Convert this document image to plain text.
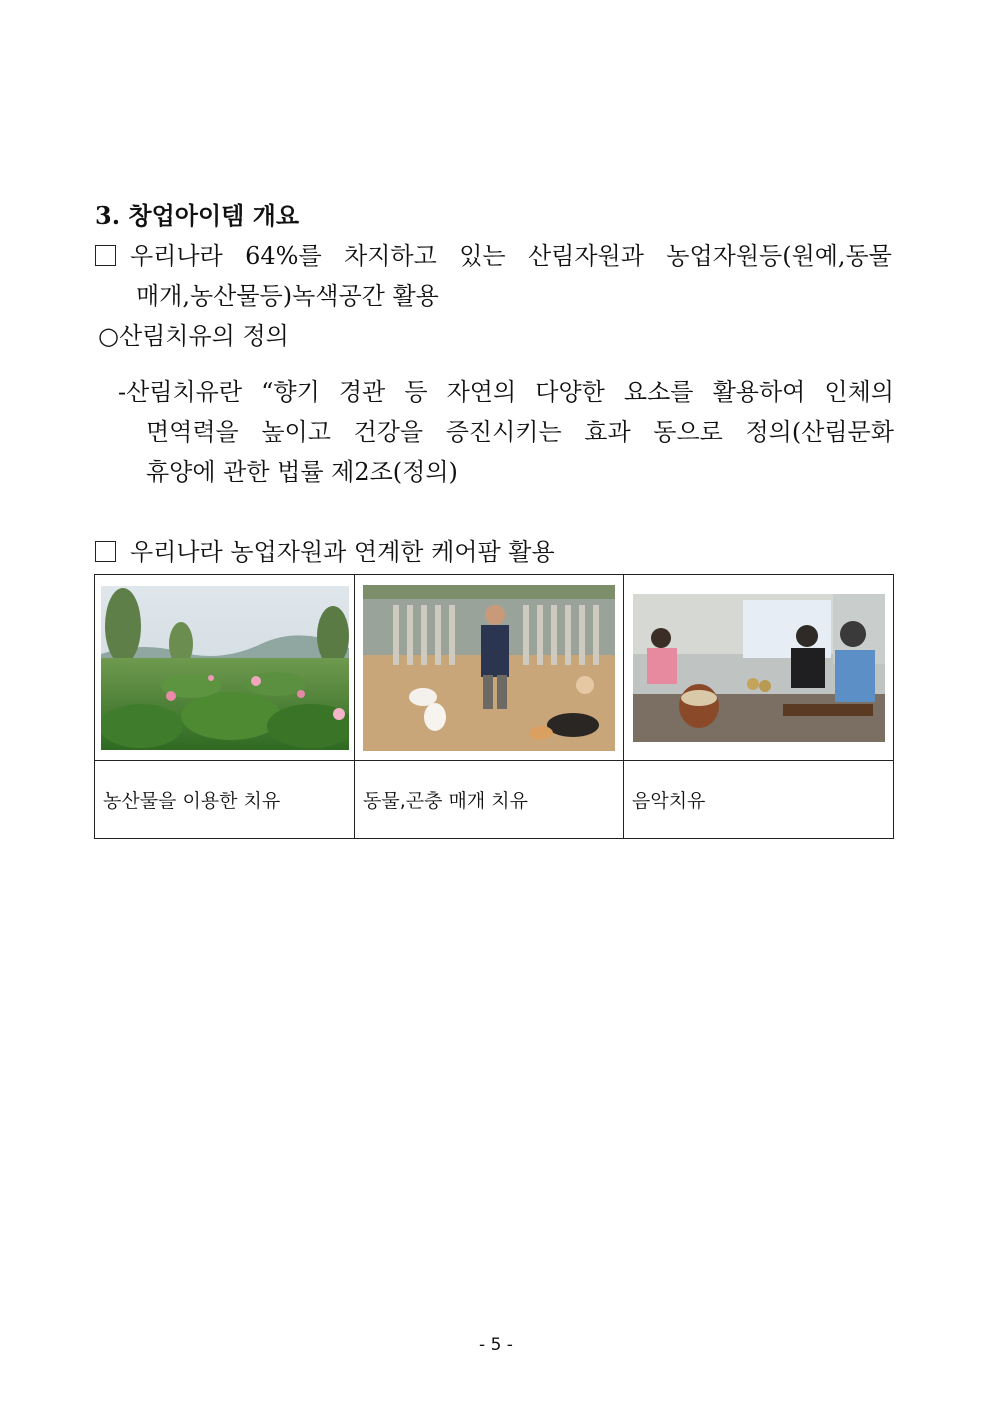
3. 창업아이템 개요
우리나라 64%를 차지하고 있는 산림자원과 농업자원등(원예,동물
매개,농산물등)녹색공간 활용
○산림치유의 정의
-산림치유란 “향기 경관 등 자연의 다양한 요소를 활용하여 인체의
면역력을 높이고 건강을 증진시키는 효과 동으로 정의(산림문화
휴양에 관한 법률 제2조(정의)
우리나라 농업자원과 연계한 케어팜 활용

농산물을 이용한 치유	동물,곤충 매개 치유	음악치유
- 5 -
